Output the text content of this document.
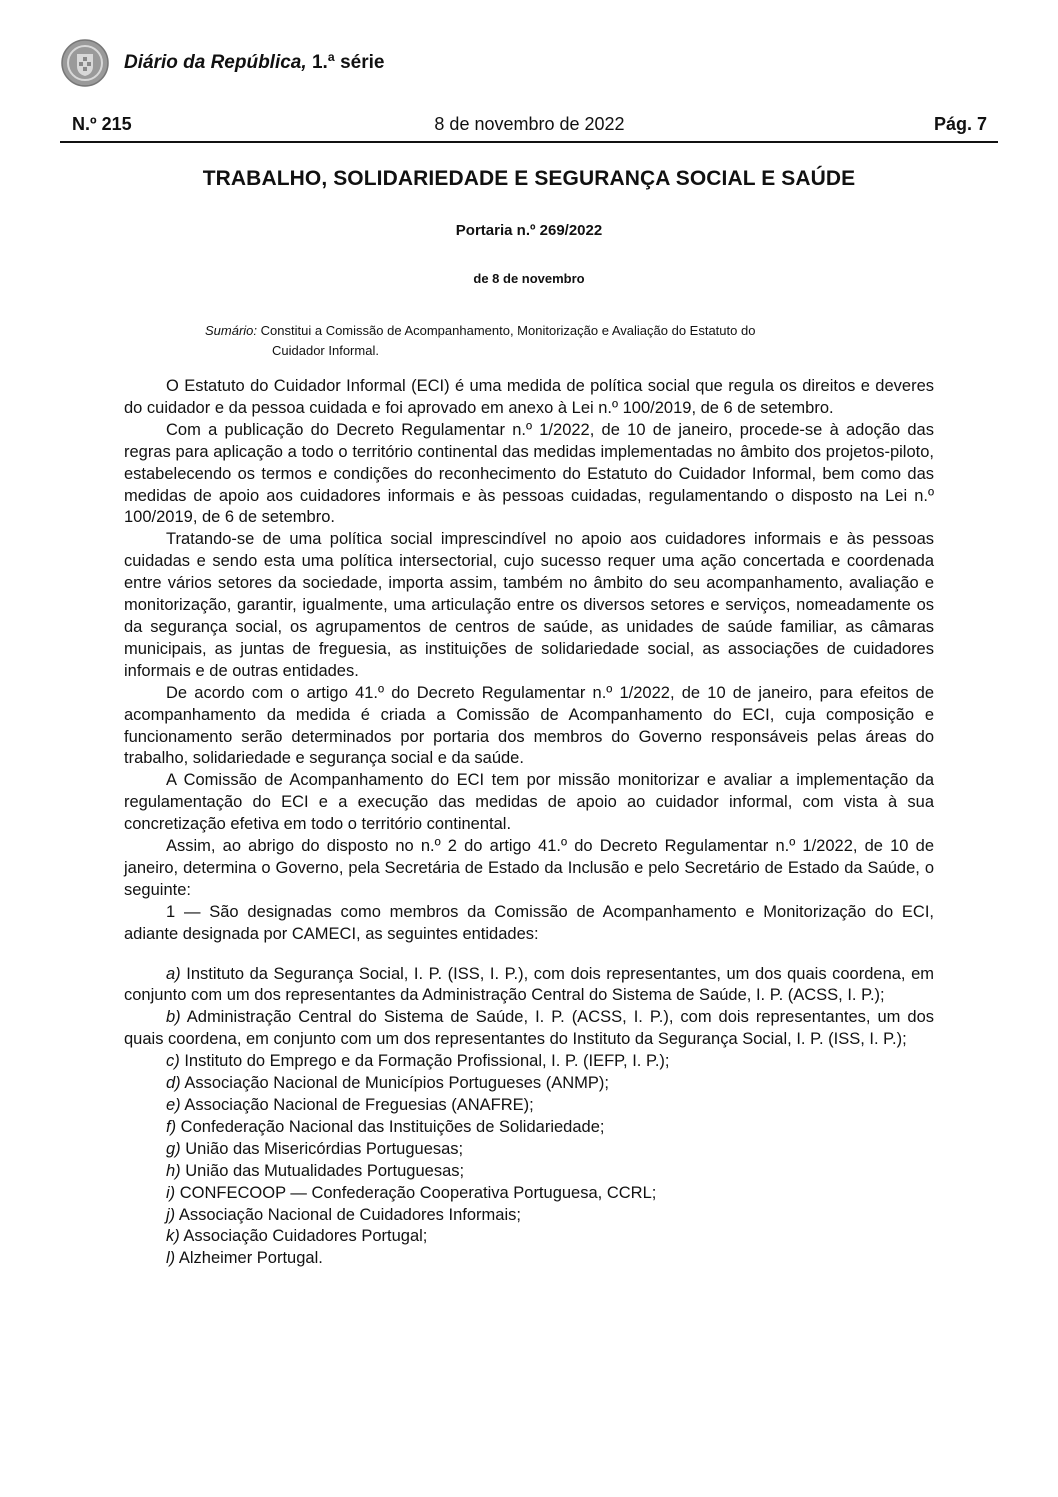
Diário da República, 1.ª série
N.º 215	8 de novembro de 2022	Pág. 7
TRABALHO, SOLIDARIEDADE E SEGURANÇA SOCIAL E SAÚDE
Portaria n.º 269/2022
de 8 de novembro
Sumário: Constitui a Comissão de Acompanhamento, Monitorização e Avaliação do Estatuto do
Cuidador Informal.

O Estatuto do Cuidador Informal (ECI) é uma medida de política social que regula os direitos e deveres do cuidador e da pessoa cuidada e foi aprovado em anexo à Lei n.º 100/2019, de 6 de setembro.

Com a publicação do Decreto Regulamentar n.º 1/2022, de 10 de janeiro, procede-se à adoção das regras para aplicação a todo o território continental das medidas implementadas no âmbito dos projetos-piloto, estabelecendo os termos e condições do reconhecimento do Estatuto do Cuidador Informal, bem como das medidas de apoio aos cuidadores informais e às pessoas cuidadas, regulamentando o disposto na Lei n.º 100/2019, de 6 de setembro.

Tratando-se de uma política social imprescindível no apoio aos cuidadores informais e às pessoas cuidadas e sendo esta uma política intersectorial, cujo sucesso requer uma ação concertada e coordenada entre vários setores da sociedade, importa assim, também no âmbito do seu acompanhamento, avaliação e monitorização, garantir, igualmente, uma articulação entre os diversos setores e serviços, nomeadamente os da segurança social, os agrupamentos de centros de saúde, as unidades de saúde familiar, as câmaras municipais, as juntas de freguesia, as instituições de solidariedade social, as associações de cuidadores informais e de outras entidades.

De acordo com o artigo 41.º do Decreto Regulamentar n.º 1/2022, de 10 de janeiro, para efeitos de acompanhamento da medida é criada a Comissão de Acompanhamento do ECI, cuja composição e funcionamento serão determinados por portaria dos membros do Governo responsáveis pelas áreas do trabalho, solidariedade e segurança social e da saúde.

A Comissão de Acompanhamento do ECI tem por missão monitorizar e avaliar a implementação da regulamentação do ECI e a execução das medidas de apoio ao cuidador informal, com vista à sua concretização efetiva em todo o território continental.

Assim, ao abrigo do disposto no n.º 2 do artigo 41.º do Decreto Regulamentar n.º 1/2022, de 10 de janeiro, determina o Governo, pela Secretária de Estado da Inclusão e pelo Secretário de Estado da Saúde, o seguinte:

1 — São designadas como membros da Comissão de Acompanhamento e Monitorização do ECI, adiante designada por CAMECI, as seguintes entidades:

a) Instituto da Segurança Social, I. P. (ISS, I. P.), com dois representantes, um dos quais coordena, em conjunto com um dos representantes da Administração Central do Sistema de Saúde, I. P. (ACSS, I. P.);

b) Administração Central do Sistema de Saúde, I. P. (ACSS, I. P.), com dois representantes, um dos quais coordena, em conjunto com um dos representantes do Instituto da Segurança Social, I. P. (ISS, I. P.);

c) Instituto do Emprego e da Formação Profissional, I. P. (IEFP, I. P.);

d) Associação Nacional de Municípios Portugueses (ANMP);

e) Associação Nacional de Freguesias (ANAFRE);

f) Confederação Nacional das Instituições de Solidariedade;

g) União das Misericórdias Portuguesas;

h) União das Mutualidades Portuguesas;

i) CONFECOOP — Confederação Cooperativa Portuguesa, CCRL;

j) Associação Nacional de Cuidadores Informais;

k) Associação Cuidadores Portugal;

l) Alzheimer Portugal.
